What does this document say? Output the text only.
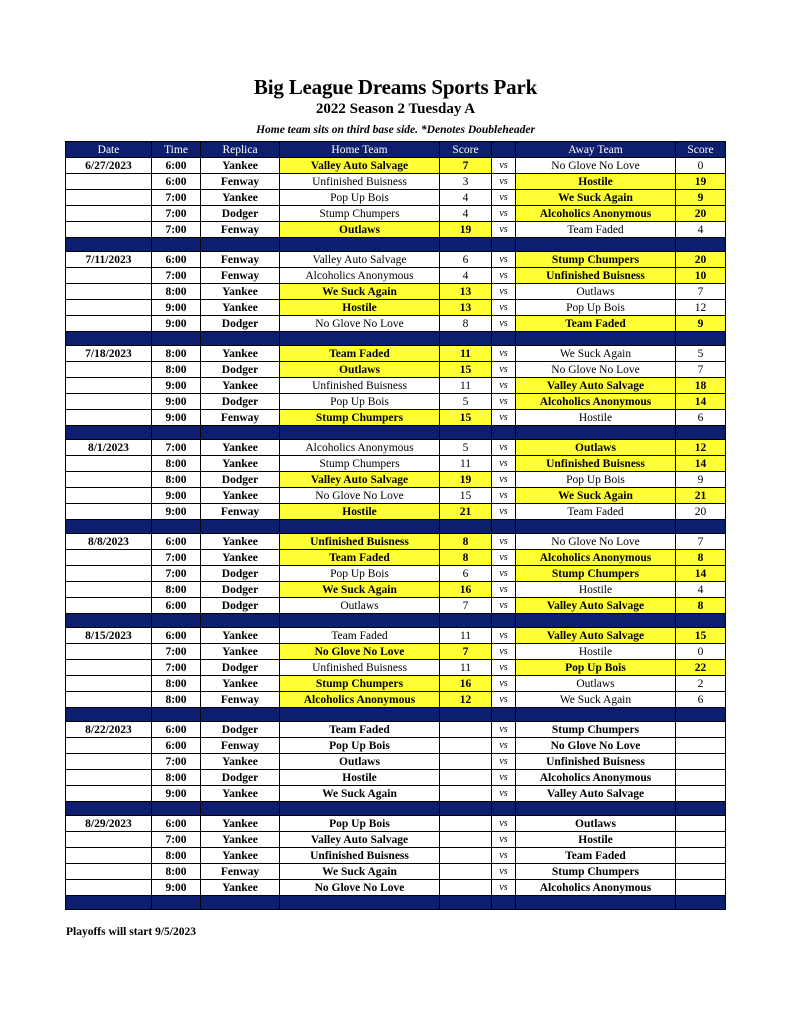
Big League Dreams Sports Park
2022 Season 2 Tuesday A
Home team sits on third base side. *Denotes Doubleheader
Date	Time	Replica	Home Team	Score		Away Team	Score
6/27/2023	6:00	Yankee	Valley Auto Salvage	7	vs	No Glove No Love	0
	6:00	Fenway	Unfinished Buisness	3	vs	Hostile	19
	7:00	Yankee	Pop Up Bois	4	vs	We Suck Again	9
	7:00	Dodger	Stump Chumpers	4	vs	Alcoholics Anonymous	20
	7:00	Fenway	Outlaws	19	vs	Team Faded	4

7/11/2023	6:00	Fenway	Valley Auto Salvage	6	vs	Stump Chumpers	20
	7:00	Fenway	Alcoholics Anonymous	4	vs	Unfinished Buisness	10
	8:00	Yankee	We Suck Again	13	vs	Outlaws	7
	9:00	Yankee	Hostile	13	vs	Pop Up Bois	12
	9:00	Dodger	No Glove No Love	8	vs	Team Faded	9

7/18/2023	8:00	Yankee	Team Faded	11	vs	We Suck Again	5
	8:00	Dodger	Outlaws	15	vs	No Glove No Love	7
	9:00	Yankee	Unfinished Buisness	11	vs	Valley Auto Salvage	18
	9:00	Dodger	Pop Up Bois	5	vs	Alcoholics Anonymous	14
	9:00	Fenway	Stump Chumpers	15	vs	Hostile	6

8/1/2023	7:00	Yankee	Alcoholics Anonymous	5	vs	Outlaws	12
	8:00	Yankee	Stump Chumpers	11	vs	Unfinished Buisness	14
	8:00	Dodger	Valley Auto Salvage	19	vs	Pop Up Bois	9
	9:00	Yankee	No Glove No Love	15	vs	We Suck Again	21
	9:00	Fenway	Hostile	21	vs	Team Faded	20

8/8/2023	6:00	Yankee	Unfinished Buisness	8	vs	No Glove No Love	7
	7:00	Yankee	Team Faded	8	vs	Alcoholics Anonymous	8
	7:00	Dodger	Pop Up Bois	6	vs	Stump Chumpers	14
	8:00	Dodger	We Suck Again	16	vs	Hostile	4
	6:00	Dodger	Outlaws	7	vs	Valley Auto Salvage	8

8/15/2023	6:00	Yankee	Team Faded	11	vs	Valley Auto Salvage	15
	7:00	Yankee	No Glove No Love	7	vs	Hostile	0
	7:00	Dodger	Unfinished Buisness	11	vs	Pop Up Bois	22
	8:00	Yankee	Stump Chumpers	16	vs	Outlaws	2
	8:00	Fenway	Alcoholics Anonymous	12	vs	We Suck Again	6

8/22/2023	6:00	Dodger	Team Faded		vs	Stump Chumpers	
	6:00	Fenway	Pop Up Bois		vs	No Glove No Love	
	7:00	Yankee	Outlaws		vs	Unfinished Buisness	
	8:00	Dodger	Hostile		vs	Alcoholics Anonymous	
	9:00	Yankee	We Suck Again		vs	Valley Auto Salvage	

8/29/2023	6:00	Yankee	Pop Up Bois		vs	Outlaws	
	7:00	Yankee	Valley Auto Salvage		vs	Hostile	
	8:00	Yankee	Unfinished Buisness		vs	Team Faded	
	8:00	Fenway	We Suck Again		vs	Stump Chumpers	
	9:00	Yankee	No Glove No Love		vs	Alcoholics Anonymous	

Playoffs will start 9/5/2023
